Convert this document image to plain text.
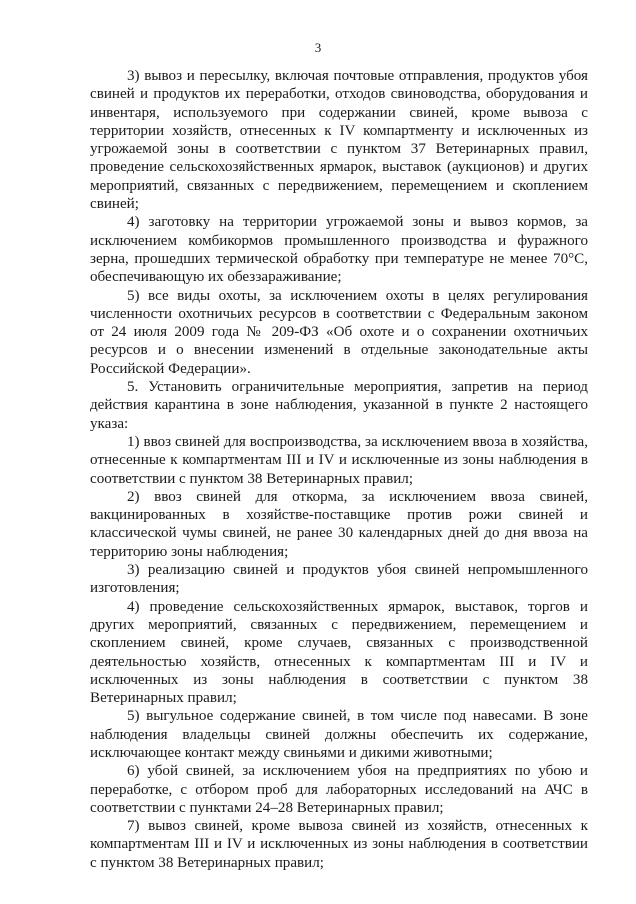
3

3) вывоз и пересылку, включая почтовые отправления, продуктов убоя свиней и продуктов их переработки, отходов свиноводства, оборудования и инвентаря, используемого при содержании свиней, кроме вывоза с территории хозяйств, отнесенных к IV компартменту и исключенных из угрожаемой зоны в соответствии с пунктом 37 Ветеринарных правил, проведение сельскохозяйственных ярмарок, выставок (аукционов) и других мероприятий, связанных с передвижением, перемещением и скоплением свиней;

4) заготовку на территории угрожаемой зоны и вывоз кормов, за исключением комбикормов промышленного производства и фуражного зерна, прошедших термической обработку при температуре не менее 70°С, обеспечивающую их обеззараживание;

5) все виды охоты, за исключением охоты в целях регулирования численности охотничьих ресурсов в соответствии с Федеральным законом от 24 июля 2009 года № 209-ФЗ «Об охоте и о сохранении охотничьих ресурсов и о внесении изменений в отдельные законодательные акты Российской Федерации».

5. Установить ограничительные мероприятия, запретив на период действия карантина в зоне наблюдения, указанной в пункте 2 настоящего указа:

1) ввоз свиней для воспроизводства, за исключением ввоза в хозяйства, отнесенные к компартментам III и IV и исключенные из зоны наблюдения в соответствии с пунктом 38 Ветеринарных правил;

2) ввоз свиней для откорма, за исключением ввоза свиней, вакцинированных в хозяйстве-поставщике против рожи свиней и классической чумы свиней, не ранее 30 календарных дней до дня ввоза на территорию зоны наблюдения;

3) реализацию свиней и продуктов убоя свиней непромышленного изготовления;

4) проведение сельскохозяйственных ярмарок, выставок, торгов и других мероприятий, связанных с передвижением, перемещением и скоплением свиней, кроме случаев, связанных с производственной деятельностью хозяйств, отнесенных к компартментам III и IV и исключенных из зоны наблюдения в соответствии с пунктом 38 Ветеринарных правил;

5) выгульное содержание свиней, в том числе под навесами. В зоне наблюдения владельцы свиней должны обеспечить их содержание, исключающее контакт между свиньями и дикими животными;

6) убой свиней, за исключением убоя на предприятиях по убою и переработке, с отбором проб для лабораторных исследований на АЧС в соответствии с пунктами 24–28 Ветеринарных правил;

7) вывоз свиней, кроме вывоза свиней из хозяйств, отнесенных к компартментам III и IV и исключенных из зоны наблюдения в соответствии с пунктом 38 Ветеринарных правил;
